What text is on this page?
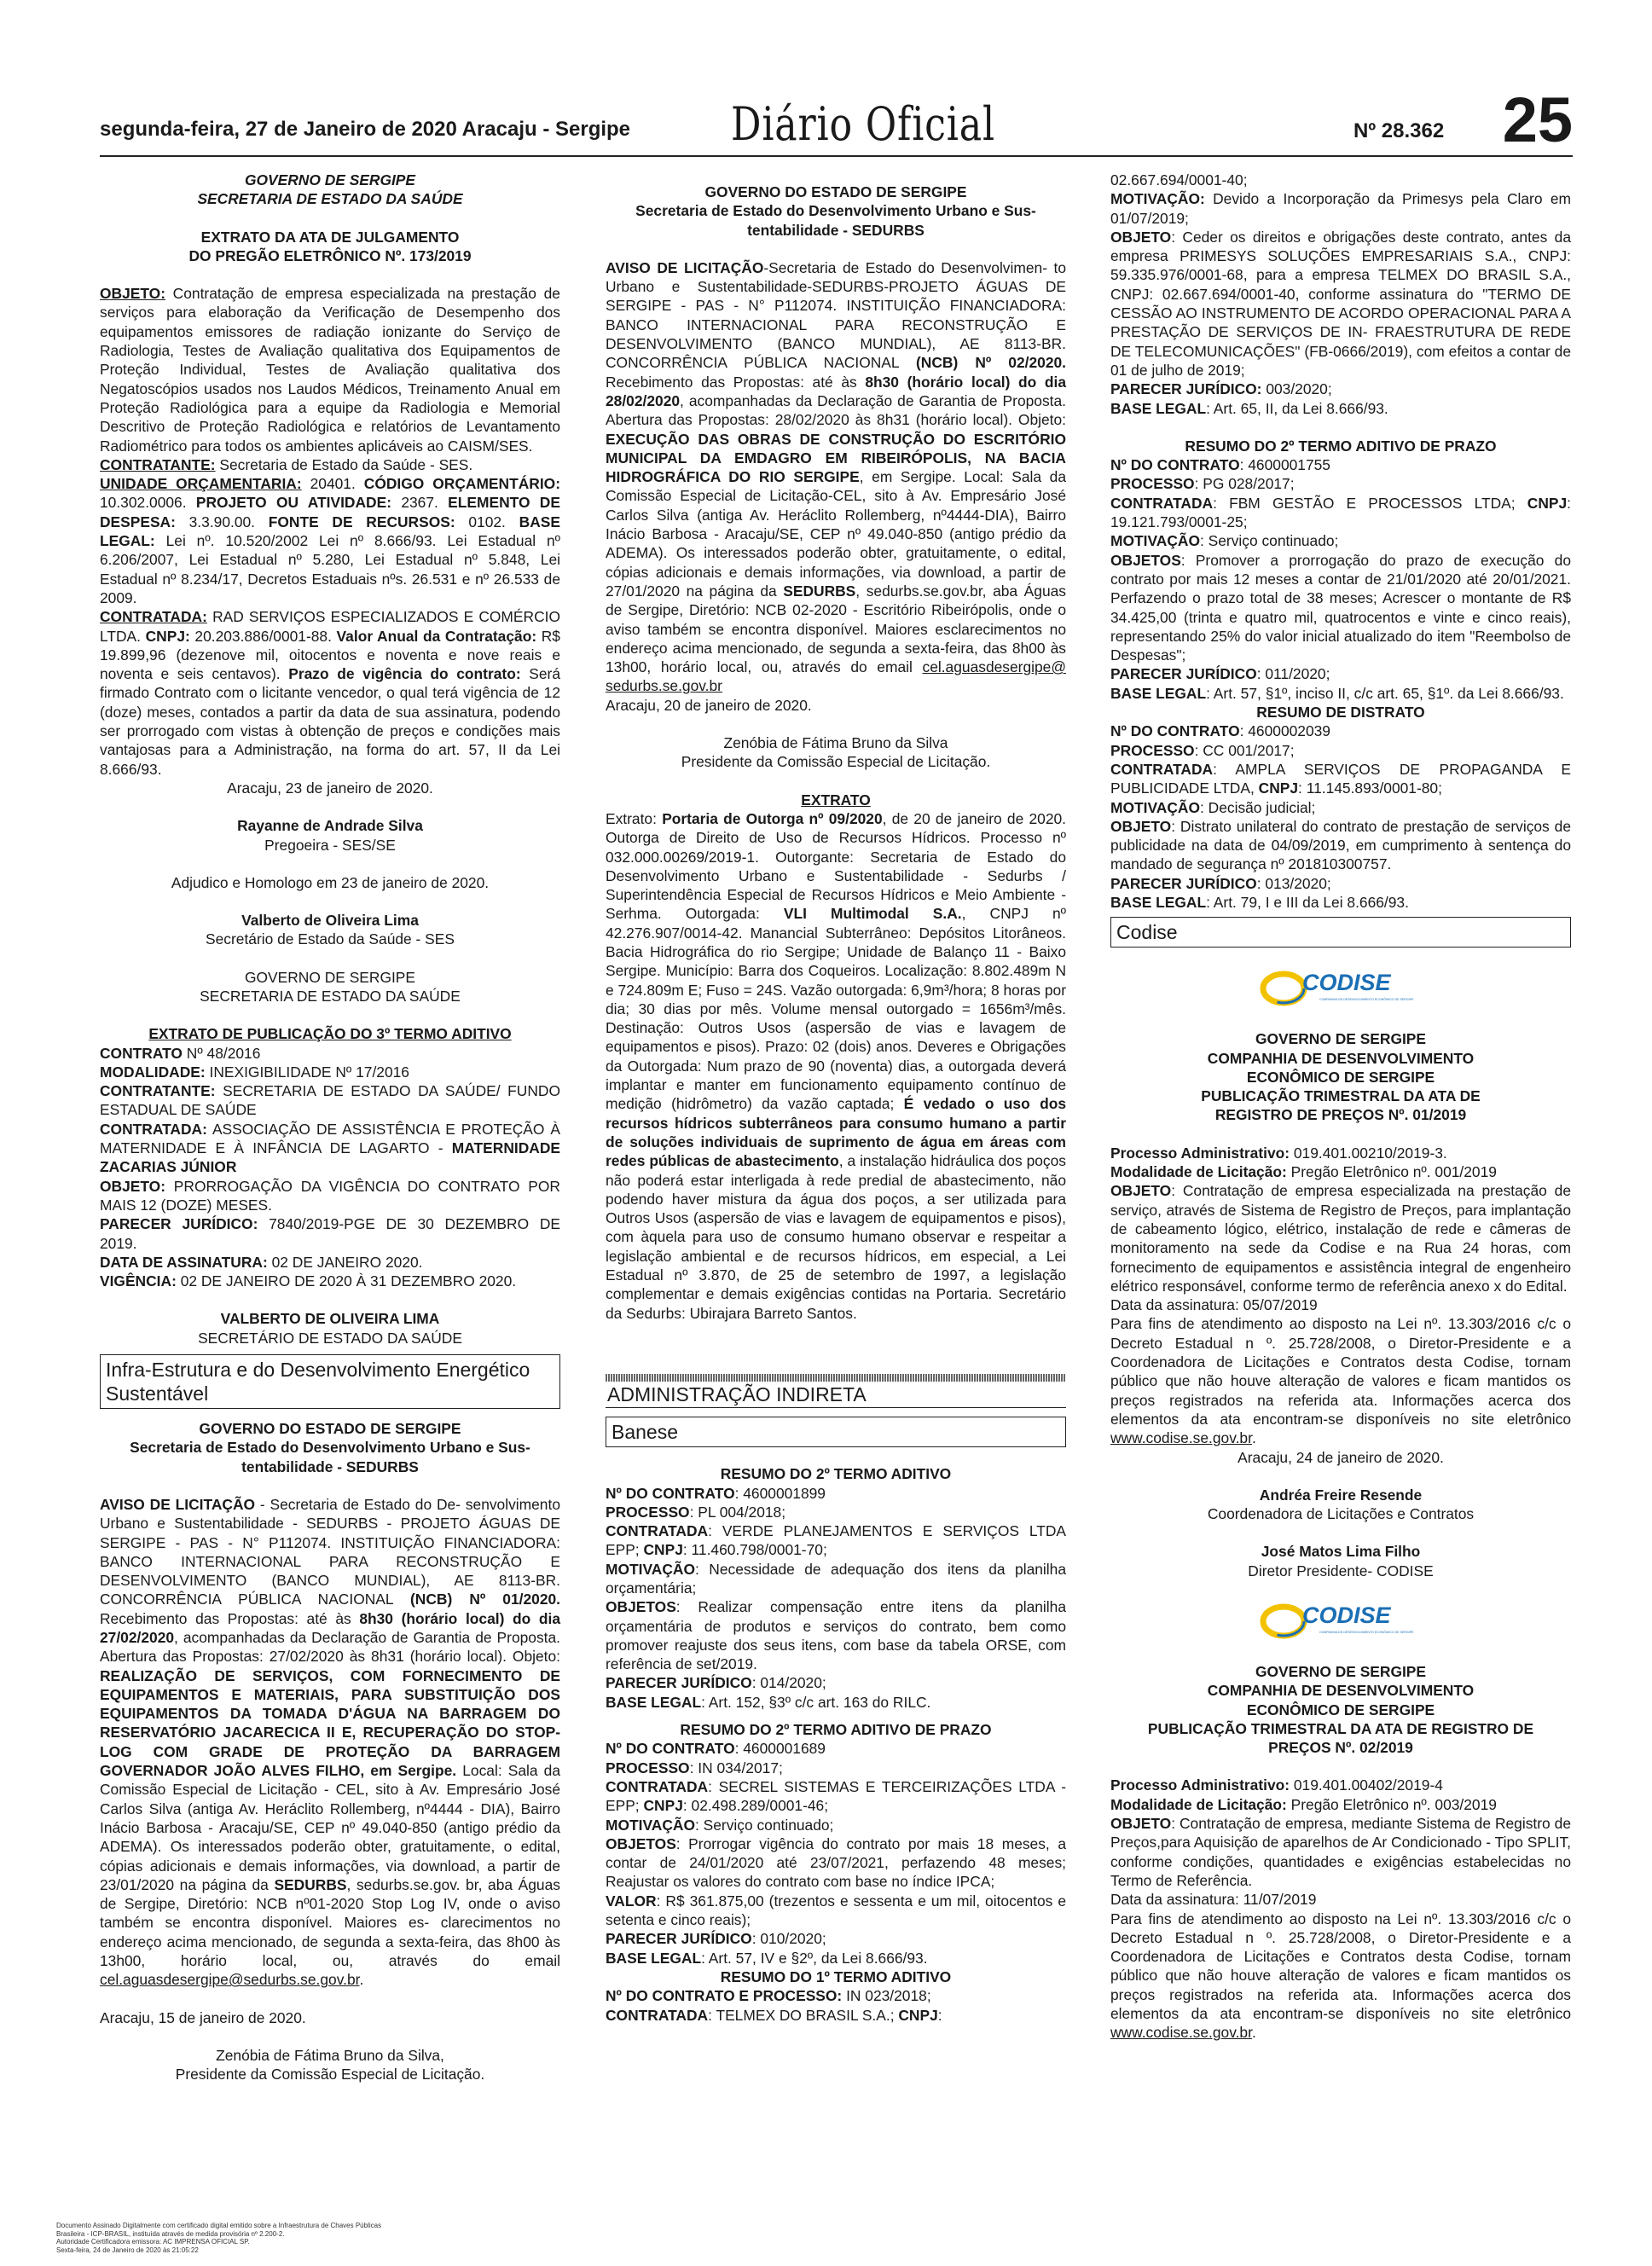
segunda-feira, 27 de Janeiro de 2020 Aracaju - Sergipe Diário Oficial	Nº 28.362 25

GOVERNO DE SERGIPE

SECRETARIA DE ESTADO DA SAÚDE

EXTRATO DA ATA DE JULGAMENTO

DO PREGÃO ELETRÔNICO Nº. 173/2019

OBJETO: Contratação de empresa especializada na prestação de serviços para elaboração da Verificação de Desempenho dos equipamentos emissores de radiação ionizante do Serviço de Radiologia, Testes de Avaliação qualitativa dos Equipamentos de Proteção Individual, Testes de Avaliação qualitativa dos Negatoscópios usados nos Laudos Médicos, Treinamento Anual em Proteção Radiológica para a equipe da Radiologia e Memorial Descritivo de Proteção Radiológica e relatórios de Levantamento Radiométrico para todos os ambientes aplicáveis ao CAISM/SES.

CONTRATANTE: Secretaria de Estado da Saúde - SES.

UNIDADE ORÇAMENTARIA: 20401. CÓDIGO ORÇAMENTÁRIO: 10.302.0006. PROJETO OU ATIVIDADE: 2367. ELEMENTO DE DESPESA: 3.3.90.00. FONTE DE RECURSOS: 0102. BASE LEGAL: Lei nº. 10.520/2002 Lei nº 8.666/93. Lei Estadual nº 6.206/2007, Lei Estadual nº 5.280, Lei Estadual nº 5.848, Lei Estadual nº 8.234/17, Decretos Estaduais nºs. 26.531 e nº 26.533 de 2009.

CONTRATADA: RAD SERVIÇOS ESPECIALIZADOS E COMÉRCIO LTDA. CNPJ: 20.203.886/0001-88. Valor Anual da Contratação: R$ 19.899,96 (dezenove mil, oitocentos e noventa e nove reais e noventa e seis centavos). Prazo de vigência do contrato: Será firmado Contrato com o licitante vencedor, o qual terá vigência de 12 (doze) meses, contados a partir da data de sua assinatura, podendo ser prorrogado com vistas à obtenção de preços e condições mais vantajosas para a Administração, na forma do art. 57, II da Lei 8.666/93.

Aracaju, 23 de janeiro de 2020.

Rayanne de Andrade Silva

Pregoeira - SES/SE

Adjudico e Homologo em 23 de janeiro de 2020.

Valberto de Oliveira Lima

Secretário de Estado da Saúde - SES

GOVERNO DE SERGIPE

SECRETARIA DE ESTADO DA SAÚDE

EXTRATO DE PUBLICAÇÃO DO 3º TERMO ADITIVO

CONTRATO Nº 48/2016

MODALIDADE: INEXIGIBILIDADE Nº 17/2016

CONTRATANTE: SECRETARIA DE ESTADO DA SAÚDE/ FUNDO ESTADUAL DE SAÚDE

CONTRATADA: ASSOCIAÇÃO DE ASSISTÊNCIA E PROTEÇÃO À MATERNIDADE E À INFÂNCIA DE LAGARTO - MATERNIDADE ZACARIAS JÚNIOR

OBJETO: PRORROGAÇÃO DA VIGÊNCIA DO CONTRATO POR MAIS 12 (DOZE) MESES.

PARECER JURÍDICO: 7840/2019-PGE DE 30 DEZEMBRO DE 2019.

DATA DE ASSINATURA: 02 DE JANEIRO 2020.

VIGÊNCIA: 02 DE JANEIRO DE 2020 À 31 DEZEMBRO 2020.

VALBERTO DE OLIVEIRA LIMA

SECRETÁRIO DE ESTADO DA SAÚDE

Infra-Estrutura e do Desenvolvimento Energético Sustentável

GOVERNO DO ESTADO DE SERGIPE

Secretaria de Estado do Desenvolvimento Urbano e Sus- tentabilidade - SEDURBS

AVISO DE LICITAÇÃO - Secretaria de Estado do De- senvolvimento Urbano e Sustentabilidade - SEDURBS - PROJETO ÁGUAS DE SERGIPE - PAS - N° P112074. INSTITUIÇÃO FINANCIADORA: BANCO INTERNACIONAL PARA RECONSTRUÇÃO E DESENVOLVIMENTO (BANCO MUNDIAL), AE 8113-BR. CONCORRÊNCIA PÚBLICA NACIONAL (NCB) Nº 01/2020. Recebimento das Propostas: até às 8h30 (horário local) do dia 27/02/2020, acompanhadas da Declaração de Garantia de Proposta. Abertura das Propostas: 27/02/2020 às 8h31 (horário local). Objeto: REALIZAÇÃO DE SERVIÇOS, COM FORNECIMENTO DE EQUIPAMENTOS E MATERIAIS, PARA SUBSTITUIÇÃO DOS EQUIPAMENTOS DA TOMADA D'ÁGUA NA BARRAGEM DO RESERVATÓRIO JACARECICA II E, RECUPERAÇÃO DO STOP-LOG COM GRADE DE PROTEÇÃO DA BARRAGEM GOVERNADOR JOÃO ALVES FILHO, em Sergipe. Local: Sala da Comissão Especial de Licitação - CEL, sito à Av. Empresário José Carlos Silva (antiga Av. Heráclito Rollemberg, nº4444 - DIA), Bairro Inácio Barbosa - Aracaju/SE, CEP nº 49.040-850 (antigo prédio da ADEMA). Os interessados poderão obter, gratuitamente, o edital, cópias adicionais e demais informações, via download, a partir de 23/01/2020 na página da SEDURBS, sedurbs.se.gov. br, aba Águas de Sergipe, Diretório: NCB nº01-2020 Stop Log IV, onde o aviso também se encontra disponível. Maiores es- clarecimentos no endereço acima mencionado, de segunda a sexta-feira, das 8h00 às 13h00, horário local, ou, através do email cel.aguasdesergipe@sedurbs.se.gov.br.

Aracaju, 15 de janeiro de 2020.

Zenóbia de Fátima Bruno da Silva,

Presidente da Comissão Especial de Licitação.

GOVERNO DO ESTADO DE SERGIPE

Secretaria de Estado do Desenvolvimento Urbano e Sus- tentabilidade - SEDURBS

AVISO DE LICITAÇÃO-Secretaria de Estado do Desenvolvimen- to Urbano e Sustentabilidade-SEDURBS-PROJETO ÁGUAS DE SERGIPE - PAS - N° P112074. INSTITUIÇÃO FINANCIADORA: BANCO INTERNACIONAL PARA RECONSTRUÇÃO E DESENVOLVIMENTO (BANCO MUNDIAL), AE 8113-BR. CONCORRÊNCIA PÚBLICA NACIONAL (NCB) Nº 02/2020. Recebimento das Propostas: até às 8h30 (horário local) do dia 28/02/2020, acompanhadas da Declaração de Garantia de Proposta. Abertura das Propostas: 28/02/2020 às 8h31 (horário local). Objeto: EXECUÇÃO DAS OBRAS DE CONSTRUÇÃO DO ESCRITÓRIO MUNICIPAL DA EMDAGRO EM RIBEIRÓPOLIS, NA BACIA HIDROGRÁFICA DO RIO SERGIPE, em Sergipe. Local: Sala da Comissão Especial de Licitação-CEL, sito à Av. Empresário José Carlos Silva (antiga Av. Heráclito Rollemberg, nº4444-DIA), Bairro Inácio Barbosa - Aracaju/SE, CEP nº 49.040-850 (antigo prédio da ADEMA). Os interessados poderão obter, gratuitamente, o edital, cópias adicionais e demais informações, via download, a partir de 27/01/2020 na página da SEDURBS, sedurbs.se.gov.br, aba Águas de Sergipe, Diretório: NCB 02-2020 - Escritório Ribeirópolis, onde o aviso também se encontra disponível. Maiores esclarecimentos no endereço acima mencionado, de segunda a sexta-feira, das 8h00 às 13h00, horário local, ou, através do email cel.aguasdesergipe@ sedurbs.se.gov.br

Aracaju, 20 de janeiro de 2020.

Zenóbia de Fátima Bruno da Silva

Presidente da Comissão Especial de Licitação.

EXTRATO

Extrato: Portaria de Outorga nº 09/2020, de 20 de janeiro de 2020. Outorga de Direito de Uso de Recursos Hídricos. Processo nº 032.000.00269/2019-1. Outorgante: Secretaria de Estado do Desenvolvimento Urbano e Sustentabilidade - Sedurbs / Superintendência Especial de Recursos Hídricos e Meio Ambiente - Serhma. Outorgada: VLI Multimodal S.A., CNPJ nº 42.276.907/0014-42. Manancial Subterrâneo: Depósitos Litorâneos. Bacia Hidrográfica do rio Sergipe; Unidade de Balanço 11 - Baixo Sergipe. Município: Barra dos Coqueiros. Localização: 8.802.489m N e 724.809m E; Fuso = 24S. Vazão outorgada: 6,9m³/hora; 8 horas por dia; 30 dias por mês. Volume mensal outorgado = 1656m³/mês. Destinação: Outros Usos (aspersão de vias e lavagem de equipamentos e pisos). Prazo: 02 (dois) anos. Deveres e Obrigações da Outorgada: Num prazo de 90 (noventa) dias, a outorgada deverá implantar e manter em funcionamento equipamento contínuo de medição (hidrômetro) da vazão captada; É vedado o uso dos recursos hídricos subterrâneos para consumo humano a partir de soluções individuais de suprimento de água em áreas com redes públicas de abastecimento, a instalação hidráulica dos poços não poderá estar interligada à rede predial de abastecimento, não podendo haver mistura da água dos poços, a ser utilizada para Outros Usos (aspersão de vias e lavagem de equipamentos e pisos), com àquela para uso de consumo humano observar e respeitar a legislação ambiental e de recursos hídricos, em especial, a Lei Estadual nº 3.870, de 25 de setembro de 1997, a legislação complementar e demais exigências contidas na Portaria. Secretário da Sedurbs: Ubirajara Barreto Santos.

ADMINISTRAÇÃO INDIRETA
Banese

RESUMO DO 2º TERMO ADITIVO

Nº DO CONTRATO: 4600001899

PROCESSO: PL 004/2018;

CONTRATADA: VERDE PLANEJAMENTOS E SERVIÇOS LTDA EPP; CNPJ: 11.460.798/0001-70;

MOTIVAÇÃO: Necessidade de adequação dos itens da planilha orçamentária;

OBJETOS: Realizar compensação entre itens da planilha orçamentária de produtos e serviços do contrato, bem como promover reajuste dos seus itens, com base da tabela ORSE, com referência de set/2019.

PARECER JURÍDICO: 014/2020;

BASE LEGAL: Art. 152, §3º c/c art. 163 do RILC.

RESUMO DO 2º TERMO ADITIVO DE PRAZO

Nº DO CONTRATO: 4600001689

PROCESSO: IN 034/2017;

CONTRATADA: SECREL SISTEMAS E TERCEIRIZAÇÕES LTDA - EPP; CNPJ: 02.498.289/0001-46;

MOTIVAÇÃO: Serviço continuado;

OBJETOS: Prorrogar vigência do contrato por mais 18 meses, a contar de 24/01/2020 até 23/07/2021, perfazendo 48 meses; Reajustar os valores do contrato com base no índice IPCA;

VALOR: R$ 361.875,00 (trezentos e sessenta e um mil, oitocentos e setenta e cinco reais);

PARECER JURÍDICO: 010/2020;

BASE LEGAL: Art. 57, IV e §2º, da Lei 8.666/93.

RESUMO DO 1º TERMO ADITIVO

Nº DO CONTRATO E PROCESSO: IN 023/2018;

CONTRATADA: TELMEX DO BRASIL S.A.; CNPJ:

02.667.694/0001-40;

MOTIVAÇÃO: Devido a Incorporação da Primesys pela Claro em 01/07/2019;

OBJETO: Ceder os direitos e obrigações deste contrato, antes da empresa PRIMESYS SOLUÇÕES EMPRESARIAIS S.A., CNPJ: 59.335.976/0001-68, para a empresa TELMEX DO BRASIL S.A., CNPJ: 02.667.694/0001-40, conforme assinatura do "TERMO DE CESSÃO AO INSTRUMENTO DE ACORDO OPERACIONAL PARA A PRESTAÇÃO DE SERVIÇOS DE IN- FRAESTRUTURA DE REDE DE TELECOMUNICAÇÕES" (FB-0666/2019), com efeitos a contar de 01 de julho de 2019;

PARECER JURÍDICO: 003/2020;

BASE LEGAL: Art. 65, II, da Lei 8.666/93.

RESUMO DO 2º TERMO ADITIVO DE PRAZO

Nº DO CONTRATO: 4600001755

PROCESSO: PG 028/2017;

CONTRATADA: FBM GESTÃO E PROCESSOS LTDA; CNPJ: 19.121.793/0001-25;

MOTIVAÇÃO: Serviço continuado;

OBJETOS: Promover a prorrogação do prazo de execução do contrato por mais 12 meses a contar de 21/01/2020 até 20/01/2021. Perfazendo o prazo total de 38 meses; Acrescer o montante de R$ 34.425,00 (trinta e quatro mil, quatrocentos e vinte e cinco reais), representando 25% do valor inicial atualizado do item "Reembolso de Despesas";

PARECER JURÍDICO: 011/2020;

BASE LEGAL: Art. 57, §1º, inciso II, c/c art. 65, §1º. da Lei 8.666/93.

RESUMO DE DISTRATO

Nº DO CONTRATO: 4600002039

PROCESSO: CC 001/2017;

CONTRATADA: AMPLA SERVIÇOS DE PROPAGANDA E PUBLICIDADE LTDA, CNPJ: 11.145.893/0001-80;

MOTIVAÇÃO: Decisão judicial;

OBJETO: Distrato unilateral do contrato de prestação de serviços de publicidade na data de 04/09/2019, em cumprimento à sentença do mandado de segurança nº 201810300757.

PARECER JURÍDICO: 013/2020;

BASE LEGAL: Art. 79, I e III da Lei 8.666/93.

Codise
CODISE
COMPANHIA DE DESENVOLVIMENTO ECONÔMICO DE SERGIPE

GOVERNO DE SERGIPE

COMPANHIA DE DESENVOLVIMENTO

ECONÔMICO DE SERGIPE

PUBLICAÇÃO TRIMESTRAL DA ATA DE

REGISTRO DE PREÇOS Nº. 01/2019

Processo Administrativo: 019.401.00210/2019-3.

Modalidade de Licitação: Pregão Eletrônico nº. 001/2019

OBJETO: Contratação de empresa especializada na prestação de serviço, através de Sistema de Registro de Preços, para implantação de cabeamento lógico, elétrico, instalação de rede e câmeras de monitoramento na sede da Codise e na Rua 24 horas, com fornecimento de equipamentos e assistência integral de engenheiro elétrico responsável, conforme termo de referência anexo x do Edital.

Data da assinatura: 05/07/2019

Para fins de atendimento ao disposto na Lei nº. 13.303/2016 c/c o Decreto Estadual n º. 25.728/2008, o Diretor-Presidente e a Coordenadora de Licitações e Contratos desta Codise, tornam público que não houve alteração de valores e ficam mantidos os preços registrados na referida ata. Informações acerca dos elementos da ata encontram-se disponíveis no site eletrônico www.codise.se.gov.br.

Aracaju, 24 de janeiro de 2020.

Andréa Freire Resende

Coordenadora de Licitações e Contratos

José Matos Lima Filho

Diretor Presidente- CODISE

CODISE
COMPANHIA DE DESENVOLVIMENTO ECONÔMICO DE SERGIPE

GOVERNO DE SERGIPE

COMPANHIA DE DESENVOLVIMENTO

ECONÔMICO DE SERGIPE

PUBLICAÇÃO TRIMESTRAL DA ATA DE REGISTRO DE

PREÇOS Nº. 02/2019

Processo Administrativo: 019.401.00402/2019-4

Modalidade de Licitação: Pregão Eletrônico nº. 003/2019

OBJETO: Contratação de empresa, mediante Sistema de Registro de Preços,para Aquisição de aparelhos de Ar Condicionado - Tipo SPLIT, conforme condições, quantidades e exigências estabelecidas no Termo de Referência.

Data da assinatura: 11/07/2019

Para fins de atendimento ao disposto na Lei nº. 13.303/2016 c/c o Decreto Estadual n º. 25.728/2008, o Diretor-Presidente e a Coordenadora de Licitações e Contratos desta Codise, tornam público que não houve alteração de valores e ficam mantidos os preços registrados na referida ata. Informações acerca dos elementos da ata encontram-se disponíveis no site eletrônico www.codise.se.gov.br.

Documento Assinado Digitalmente com certificado digital emitido sobre a Infraestrutura de Chaves Públicas
Brasileira - ICP-BRASIL, instituída através de medida provisória nº 2.200-2.
Autoridade Certificadora emissora: AC IMPRENSA OFICIAL SP.
Sexta-feira, 24 de Janeiro de 2020 às 21:05:22
